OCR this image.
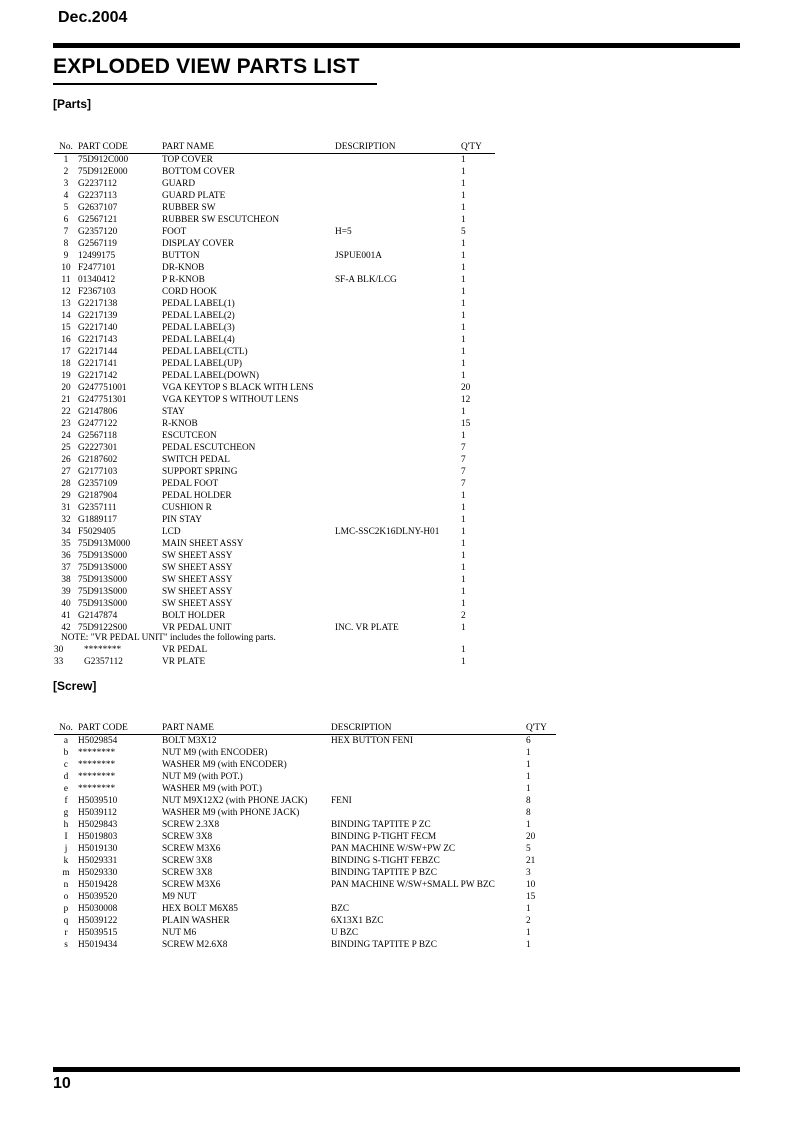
Dec.2004
EXPLODED VIEW PARTS LIST
[Parts]
No.	PART CODE	PART NAME	DESCRIPTION	Q'TY
1	75D912C000	TOP COVER		1
2	75D912E000	BOTTOM COVER		1
3	G2237112	GUARD		1
4	G2237113	GUARD PLATE		1
5	G2637107	RUBBER SW		1
6	G2567121	RUBBER SW ESCUTCHEON		1
7	G2357120	FOOT	H=5	5
8	G2567119	DISPLAY COVER		1
9	12499175	BUTTON	JSPUE001A	1
10	F2477101	DR-KNOB		1
11	01340412	P R-KNOB	SF-A BLK/LCG	1
12	F2367103	CORD HOOK		1
13	G2217138	PEDAL LABEL(1)		1
14	G2217139	PEDAL LABEL(2)		1
15	G2217140	PEDAL LABEL(3)		1
16	G2217143	PEDAL LABEL(4)		1
17	G2217144	PEDAL LABEL(CTL)		1
18	G2217141	PEDAL LABEL(UP)		1
19	G2217142	PEDAL LABEL(DOWN)		1
20	G247751001	VGA KEYTOP S BLACK WITH LENS		20
21	G247751301	VGA KEYTOP S WITHOUT LENS		12
22	G2147806	STAY		1
23	G2477122	R-KNOB		15
24	G2567118	ESCUTCEON		1
25	G2227301	PEDAL ESCUTCHEON		7
26	G2187602	SWITCH PEDAL		7
27	G2177103	SUPPORT SPRING		7
28	G2357109	PEDAL FOOT		7
29	G2187904	PEDAL HOLDER		1
31	G2357111	CUSHION R		1
32	G1889117	PIN STAY		1
34	F5029405	LCD	LMC-SSC2K16DLNY-H01	1
35	75D913M000	MAIN SHEET ASSY		1
36	75D913S000	SW SHEET ASSY		1
37	75D913S000	SW SHEET ASSY		1
38	75D913S000	SW SHEET ASSY		1
39	75D913S000	SW SHEET ASSY		1
40	75D913S000	SW SHEET ASSY		1
41	G2147874	BOLT HOLDER		2
42	75D9122S00	VR PEDAL UNIT	INC. VR PLATE	1
NOTE: "VR PEDAL UNIT" includes the following parts.
30	********	VR PEDAL		1
33	G2357112	VR PLATE		1
[Screw]
No.	PART CODE	PART NAME	DESCRIPTION	Q'TY
a	H5029854	BOLT M3X12	HEX BUTTON FENI	6
b	********	NUT M9 (with ENCODER)		1
c	********	WASHER M9 (with ENCODER)		1
d	********	NUT M9 (with POT.)		1
e	********	WASHER M9 (with POT.)		1
f	H5039510	NUT M9X12X2 (with PHONE JACK)	FENI	8
g	H5039112	WASHER M9 (with PHONE JACK)		8
h	H5029843	SCREW 2.3X8	BINDING TAPTITE P ZC	1
I	H5019803	SCREW 3X8	BINDING P-TIGHT FECM	20
j	H5019130	SCREW M3X6	PAN MACHINE W/SW+PW ZC	5
k	H5029331	SCREW 3X8	BINDING S-TIGHT FEBZC	21
m	H5029330	SCREW 3X8	BINDING TAPTITE P BZC	3
n	H5019428	SCREW M3X6	PAN MACHINE W/SW+SMALL PW BZC	10
o	H5039520	M9 NUT		15
p	H5030008	HEX BOLT M6X85	BZC	1
q	H5039122	PLAIN WASHER	6X13X1 BZC	2
r	H5039515	NUT M6	U BZC	1
s	H5019434	SCREW M2.6X8	BINDING TAPTITE P BZC	1
10
